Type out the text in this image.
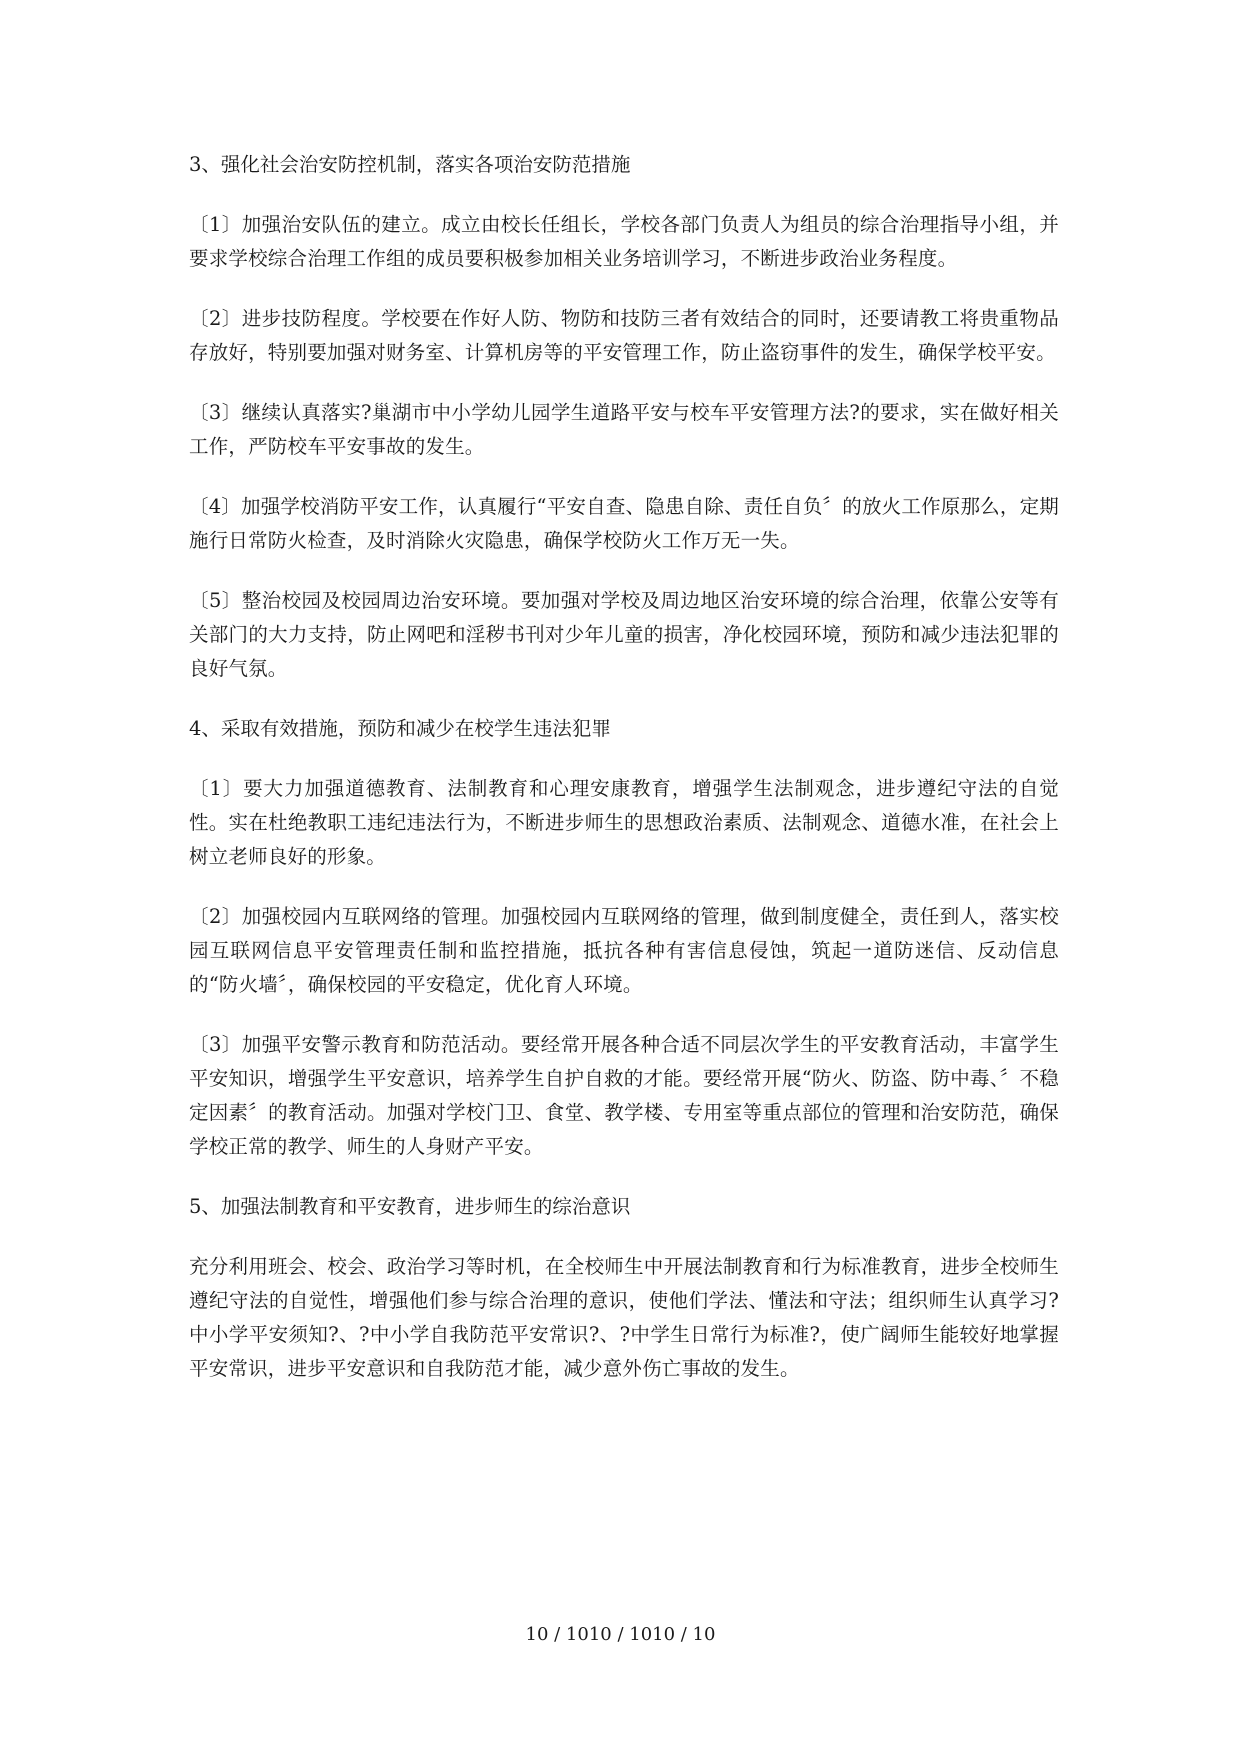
3、强化社会治安防控机制，落实各项治安防范措施
〔1〕加强治安队伍的建立。成立由校长任组长，学校各部门负责人为组员的综合治理指导小组，并要求学校综合治理工作组的成员要积极参加相关业务培训学习，不断进步政治业务程度。
〔2〕进步技防程度。学校要在作好人防、物防和技防三者有效结合的同时，还要请教工将贵重物品存放好，特别要加强对财务室、计算机房等的平安管理工作，防止盗窃事件的发生，确保学校平安。
〔3〕继续认真落实?巢湖市中小学幼儿园学生道路平安与校车平安管理方法?的要求，实在做好相关工作，严防校车平安事故的发生。
〔4〕加强学校消防平安工作，认真履行“平安自查、隐患自除、责任自负〞的放火工作原那么，定期施行日常防火检查，及时消除火灾隐患，确保学校防火工作万无一失。
〔5〕整治校园及校园周边治安环境。要加强对学校及周边地区治安环境的综合治理，依靠公安等有关部门的大力支持，防止网吧和淫秽书刊对少年儿童的损害，净化校园环境，预防和减少违法犯罪的良好气氛。
4、采取有效措施，预防和减少在校学生违法犯罪
〔1〕要大力加强道德教育、法制教育和心理安康教育，增强学生法制观念，进步遵纪守法的自觉性。实在杜绝教职工违纪违法行为，不断进步师生的思想政治素质、法制观念、道德水准，在社会上树立老师良好的形象。
〔2〕加强校园内互联网络的管理。加强校园内互联网络的管理，做到制度健全，责任到人，落实校园互联网信息平安管理责任制和监控措施，抵抗各种有害信息侵蚀，筑起一道防迷信、反动信息的“防火墙〞，确保校园的平安稳定，优化育人环境。
〔3〕加强平安警示教育和防范活动。要经常开展各种合适不同层次学生的平安教育活动，丰富学生平安知识，增强学生平安意识，培养学生自护自救的才能。要经常开展“防火、防盗、防中毒、〞不稳定因素〞的教育活动。加强对学校门卫、食堂、教学楼、专用室等重点部位的管理和治安防范，确保学校正常的教学、师生的人身财产平安。
5、加强法制教育和平安教育，进步师生的综治意识
充分利用班会、校会、政治学习等时机，在全校师生中开展法制教育和行为标准教育，进步全校师生遵纪守法的自觉性，增强他们参与综合治理的意识，使他们学法、懂法和守法；组织师生认真学习?中小学平安须知?、?中小学自我防范平安常识?、?中学生日常行为标准?，使广阔师生能较好地掌握平安常识，进步平安意识和自我防范才能，减少意外伤亡事故的发生。
10 / 1010 / 1010 / 10
